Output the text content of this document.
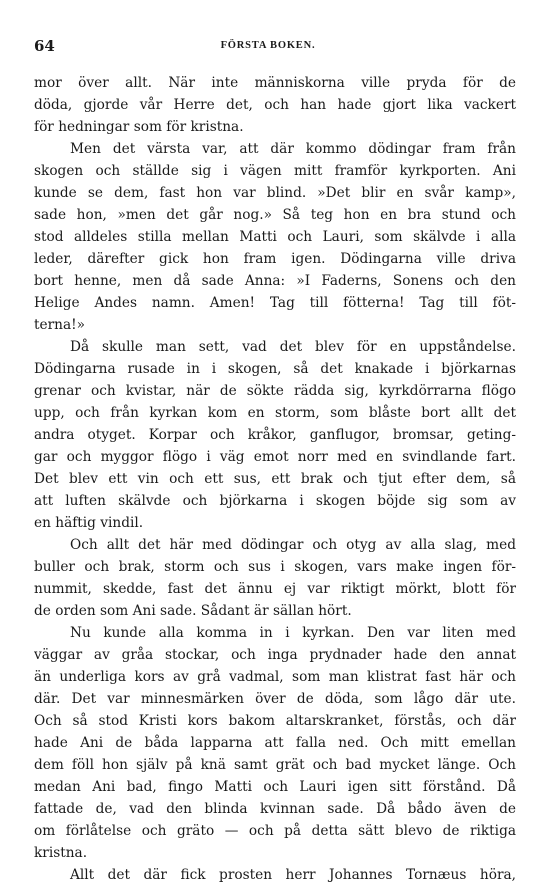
64	FÖRSTA BOKEN.
mor över allt. När inte människorna ville pryda för de
döda, gjorde vår Herre det, och han hade gjort lika vackert
för hedningar som för kristna.
Men det värsta var, att där kommo dödingar fram från
skogen och ställde sig i vägen mitt framför kyrkporten. Ani
kunde se dem, fast hon var blind. »Det blir en svår kamp»,
sade hon, »men det går nog.» Så teg hon en bra stund och
stod alldeles stilla mellan Matti och Lauri, som skälvde i alla
leder, därefter gick hon fram igen. Dödingarna ville driva
bort henne, men då sade Anna: »I Faderns, Sonens och den
Helige Andes namn. Amen! Tag till fötterna! Tag till föt-
terna!»
Då skulle man sett, vad det blev för en uppståndelse.
Dödingarna rusade in i skogen, så det knakade i björkarnas
grenar och kvistar, när de sökte rädda sig, kyrkdörrarna flögo
upp, och från kyrkan kom en storm, som blåste bort allt det
andra otyget. Korpar och kråkor, ganflugor, bromsar, geting-
gar och myggor flögo i väg emot norr med en svindlande fart.
Det blev ett vin och ett sus, ett brak och tjut efter dem, så
att luften skälvde och björkarna i skogen böjde sig som av
en häftig vindil.
Och allt det här med dödingar och otyg av alla slag, med
buller och brak, storm och sus i skogen, vars make ingen för-
nummit, skedde, fast det ännu ej var riktigt mörkt, blott för
de orden som Ani sade. Sådant är sällan hört.
Nu kunde alla komma in i kyrkan. Den var liten med
väggar av gråa stockar, och inga prydnader hade den annat
än underliga kors av grå vadmal, som man klistrat fast här och
där. Det var minnesmärken över de döda, som lågo där ute.
Och så stod Kristi kors bakom altarskranket, förstås, och där
hade Ani de båda lapparna att falla ned. Och mitt emellan
dem föll hon själv på knä samt grät och bad mycket länge. Och
medan Ani bad, fingo Matti och Lauri igen sitt förstånd. Då
fattade de, vad den blinda kvinnan sade. Då bådo även de
om förlåtelse och gräto — och på detta sätt blevo de riktiga
kristna.
Allt det där fick prosten herr Johannes Tornæus höra,
